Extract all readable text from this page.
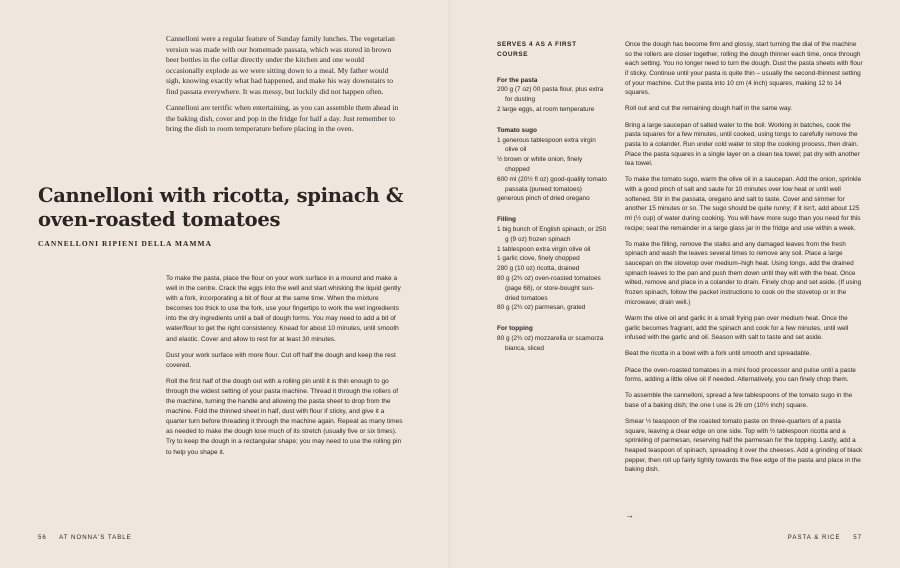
Cannelloni were a regular feature of Sunday family lunches. The vegetarian version was made with our homemade passata, which was stored in brown beer bottles in the cellar directly under the kitchen and one would occasionally explode as we were sitting down to a meal. My father would sigh, knowing exactly what had happened, and make his way downstairs to find passata everywhere. It was messy, but luckily did not happen often.

Cannelloni are terrific when entertaining, as you can assemble them ahead in the baking dish, cover and pop in the fridge for half a day. Just remember to bring the dish to room temperature before placing in the oven.

Cannelloni with ricotta, spinach & oven-roasted tomatoes
CANNELLONI RIPIENI DELLA MAMMA

To make the pasta, place the flour on your work surface in a mound and make a well in the centre. Crack the eggs into the well and start whisking the liquid gently with a fork, incorporating a bit of flour at the same time. When the mixture becomes too thick to use the fork, use your fingertips to work the wet ingredients into the dry ingredients until a ball of dough forms. You may need to add a bit of water/flour to get the right consistency. Knead for about 10 minutes, until smooth and elastic. Cover and allow to rest for at least 30 minutes.

Dust your work surface with more flour. Cut off half the dough and keep the rest covered.

Roll the first half of the dough out with a rolling pin until it is thin enough to go through the widest setting of your pasta machine. Thread it through the rollers of the machine, turning the handle and allowing the pasta sheet to drop from the machine. Fold the thinned sheet in half, dust with flour if sticky, and give it a quarter turn before threading it through the machine again. Repeat as many times as needed to make the dough lose much of its stretch (usually five or six times). Try to keep the dough in a rectangular shape; you may need to use the rolling pin to help you shape it.

56 AT NONNA'S TABLE
SERVES 4 AS A FIRST COURSE
For the pasta
200 g (7 oz) 00 pasta flour, plus extra for dusting
2 large eggs, at room temperature
Tomato sugo
1 generous tablespoon extra virgin olive oil
½ brown or white onion, finely chopped
600 ml (20½ fl oz) good-quality tomato passata (pureed tomatoes)
generous pinch of dried oregano
Filling
1 big bunch of English spinach, or 250 g (9 oz) frozen spinach
1 tablespoon extra virgin olive oil
1 garlic clove, finely chopped
280 g (10 oz) ricotta, drained
80 g (2¾ oz) oven-roasted tomatoes (page 68), or store-bought sun-dried tomatoes
80 g (2¾ oz) parmesan, grated
For topping
80 g (2¾ oz) mozzarella or scamorza bianca, sliced

Once the dough has become firm and glossy, start turning the dial of the machine so the rollers are closer together, rolling the dough thinner each time, once through each setting. You no longer need to turn the dough. Dust the pasta sheets with flour if sticky. Continue until your pasta is quite thin – usually the second-thinnest setting of your machine. Cut the pasta into 10 cm (4 inch) squares, making 12 to 14 squares.

Roll out and cut the remaining dough half in the same way.

Bring a large saucepan of salted water to the boil. Working in batches, cook the pasta squares for a few minutes, until cooked, using tongs to carefully remove the pasta to a colander. Run under cold water to stop the cooking process, then drain. Place the pasta squares in a single layer on a clean tea towel; pat dry with another tea towel.

To make the tomato sugo, warm the olive oil in a saucepan. Add the onion, sprinkle with a good pinch of salt and saute for 10 minutes over low heat or until well softened. Stir in the passata, oregano and salt to taste. Cover and simmer for another 15 minutes or so. The sugo should be quite runny; if it isn't, add about 125 ml (½ cup) of water during cooking. You will have more sugo than you need for this recipe; seal the remainder in a large glass jar in the fridge and use within a week.

To make the filling, remove the stalks and any damaged leaves from the fresh spinach and wash the leaves several times to remove any soil. Place a large saucepan on the stovetop over medium–high heat. Using tongs, add the drained spinach leaves to the pan and push them down until they wilt with the heat. Once wilted, remove and place in a colander to drain. Finely chop and set aside. (If using frozen spinach, follow the packet instructions to cook on the stovetop or in the microwave; drain well.)

Warm the olive oil and garlic in a small frying pan over medium heat. Once the garlic becomes fragrant, add the spinach and cook for a few minutes, until well infused with the garlic and oil. Season with salt to taste and set aside.

Beat the ricotta in a bowl with a fork until smooth and spreadable.

Place the oven-roasted tomatoes in a mini food processor and pulse until a paste forms, adding a little olive oil if needed. Alternatively, you can finely chop them.

To assemble the cannelloni, spread a few tablespoons of the tomato sugo in the base of a baking dish; the one I use is 26 cm (10½ inch) square.

Smear ½ teaspoon of the roasted tomato paste on three-quarters of a pasta square, leaving a clear edge on one side. Top with ½ tablespoon ricotta and a sprinkling of parmesan, reserving half the parmesan for the topping. Lastly, add a heaped teaspoon of spinach, spreading it over the cheeses. Add a grinding of black pepper, then roll up fairly tightly towards the free edge of the pasta and place in the baking dish.

→
PASTA & RICE 57
